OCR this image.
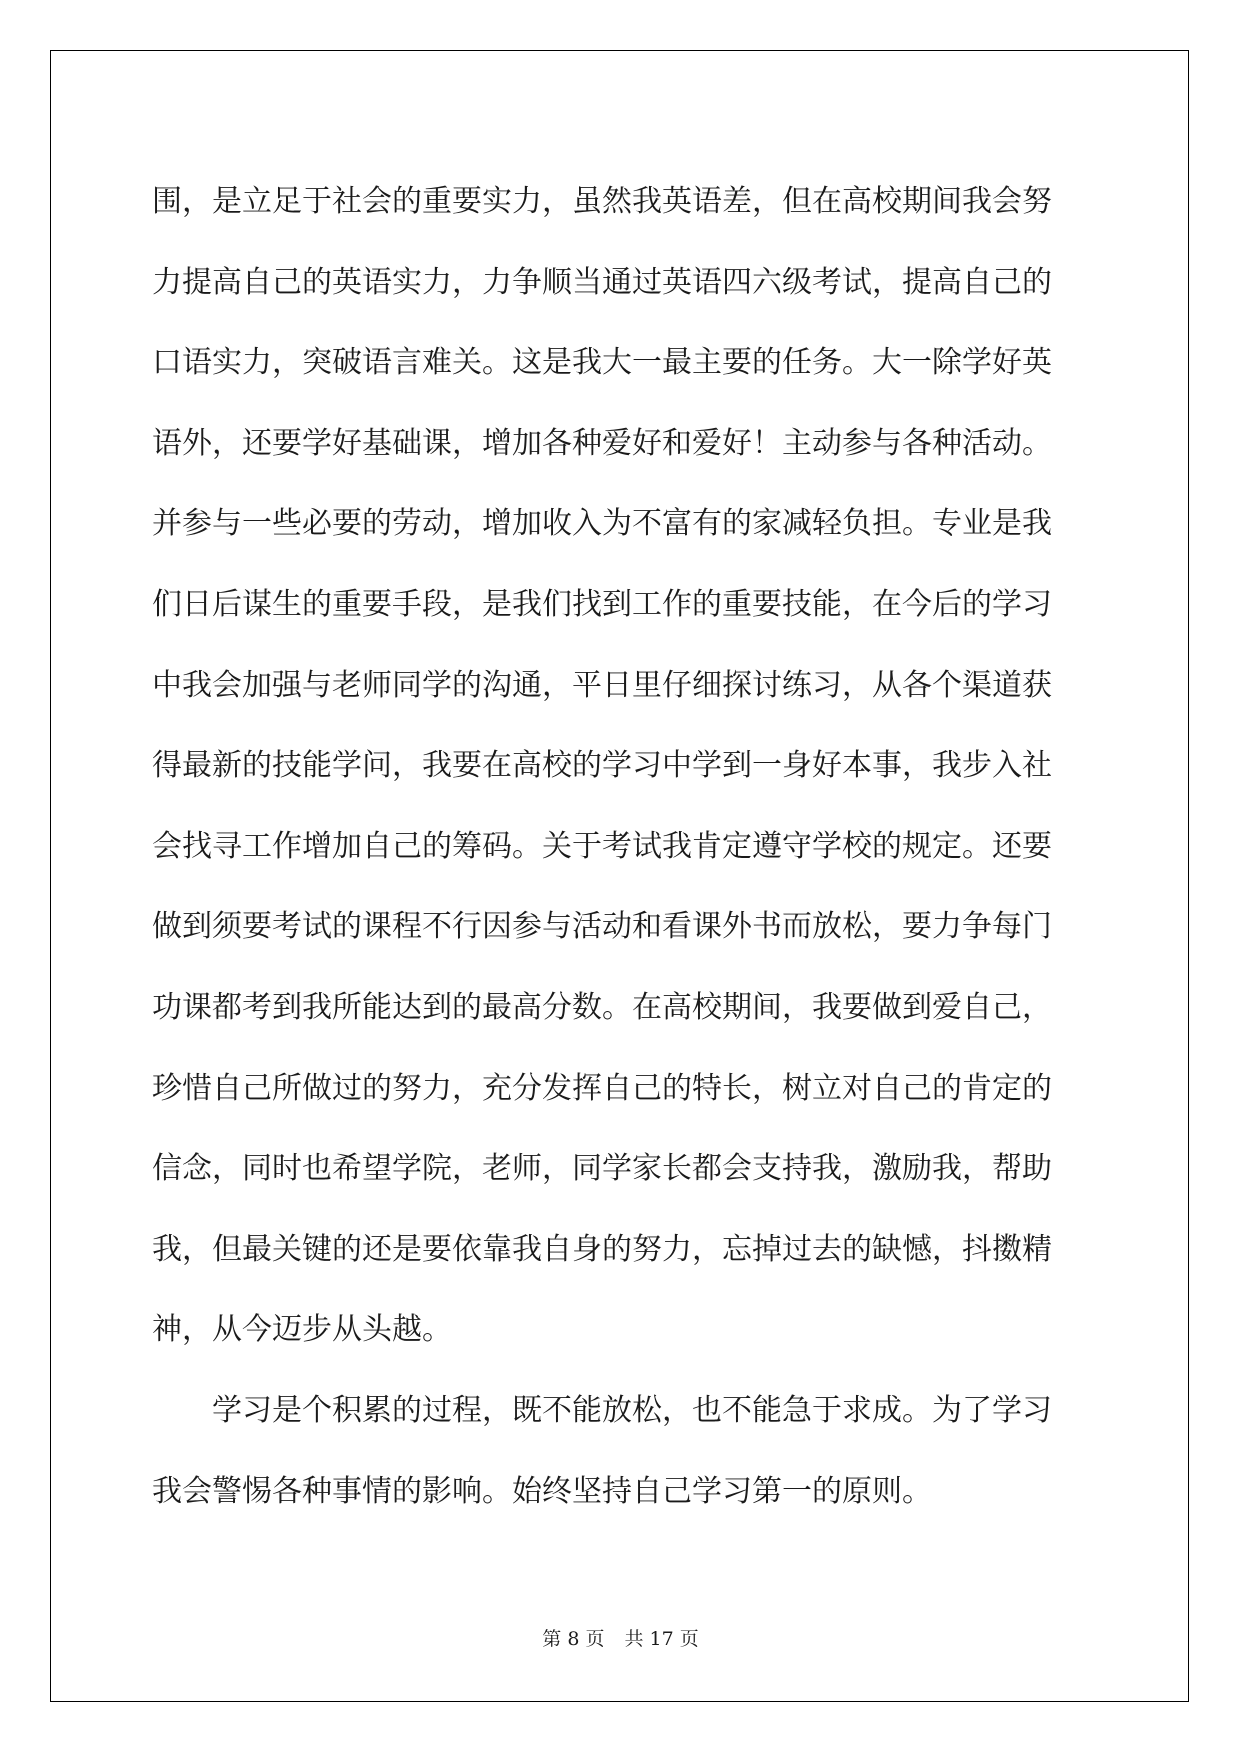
围，是立足于社会的重要实力，虽然我英语差，但在高校期间我会努
力提高自己的英语实力，力争顺当通过英语四六级考试，提高自己的
口语实力，突破语言难关。这是我大一最主要的任务。大一除学好英
语外，还要学好基础课，增加各种爱好和爱好！主动参与各种活动。
并参与一些必要的劳动，增加收入为不富有的家减轻负担。专业是我
们日后谋生的重要手段，是我们找到工作的重要技能，在今后的学习
中我会加强与老师同学的沟通，平日里仔细探讨练习，从各个渠道获
得最新的技能学问，我要在高校的学习中学到一身好本事，我步入社
会找寻工作增加自己的筹码。关于考试我肯定遵守学校的规定。还要
做到须要考试的课程不行因参与活动和看课外书而放松，要力争每门
功课都考到我所能达到的最高分数。在高校期间，我要做到爱自己，
珍惜自己所做过的努力，充分发挥自己的特长，树立对自己的肯定的
信念，同时也希望学院，老师，同学家长都会支持我，激励我，帮助
我，但最关键的还是要依靠我自身的努力，忘掉过去的缺憾，抖擞精
神，从今迈步从头越。
学习是个积累的过程，既不能放松，也不能急于求成。为了学习
我会警惕各种事情的影响。始终坚持自己学习第一的原则。
第 8 页 共 17 页
